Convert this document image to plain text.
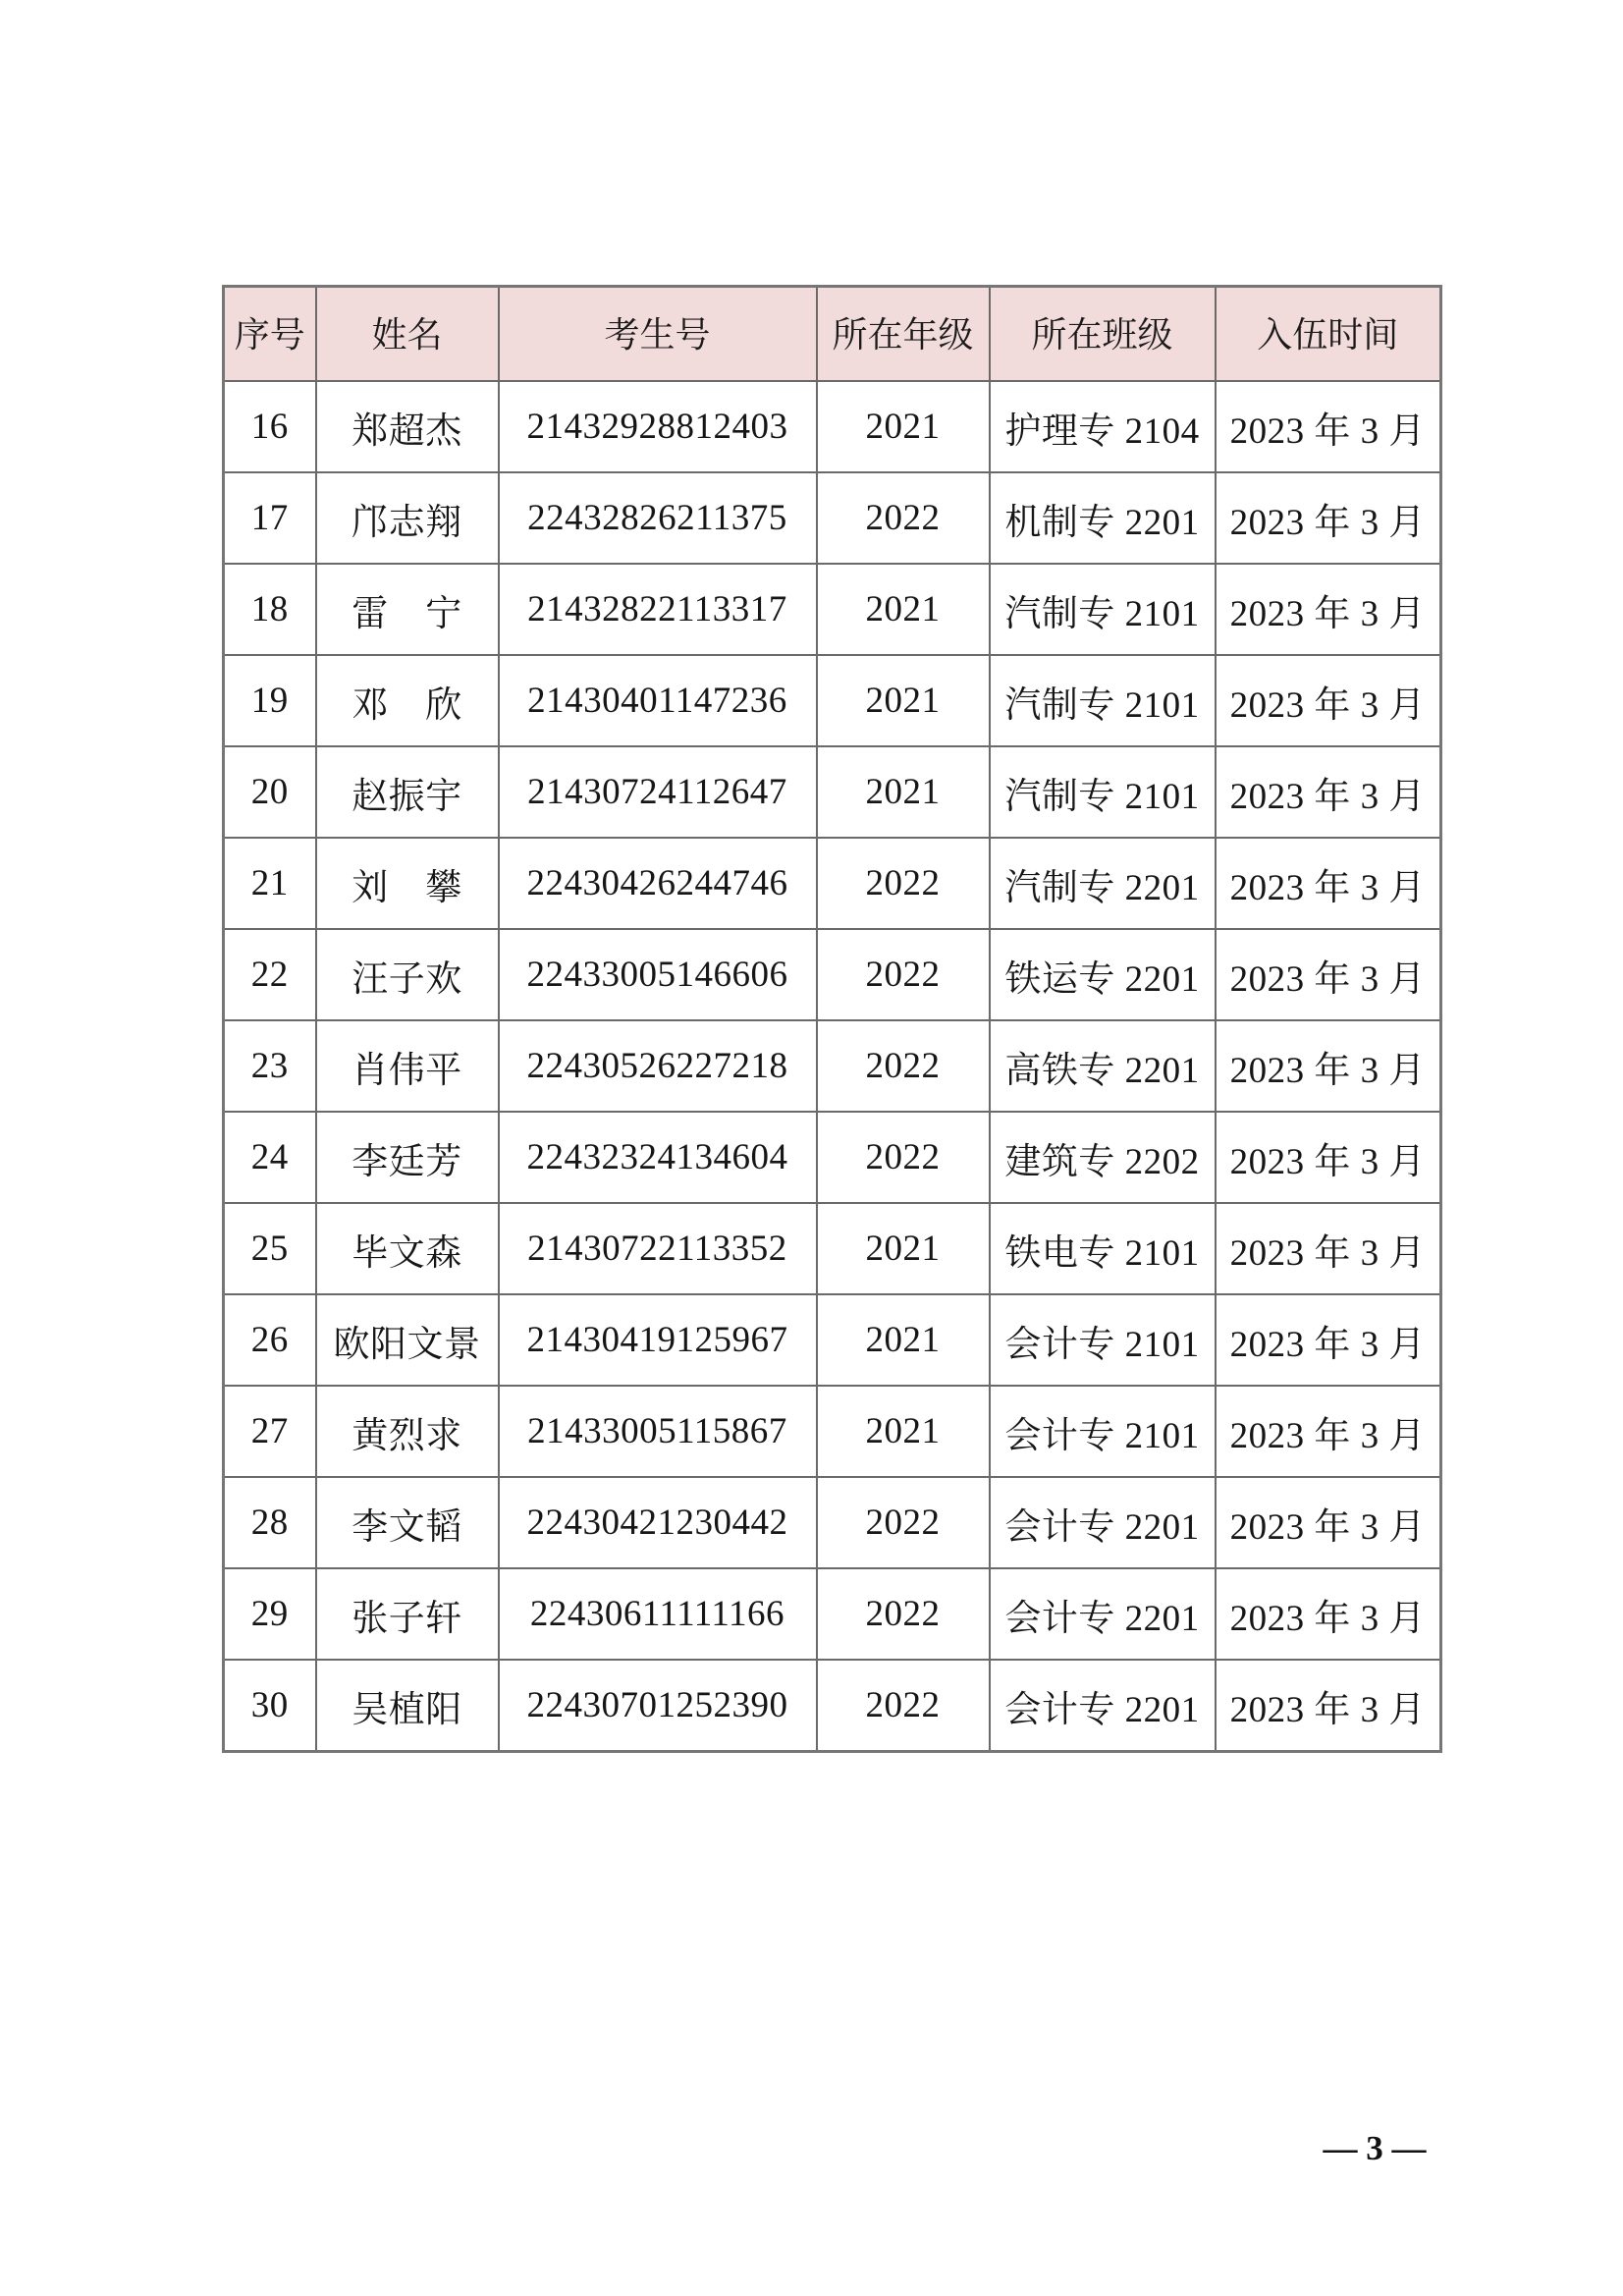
序号	姓名	考生号	所在年级	所在班级	入伍时间
16	郑超杰	21432928812403	2021	护理专 2104	2023 年 3 月
17	邝志翔	22432826211375	2022	机制专 2201	2023 年 3 月
18	雷　宁	21432822113317	2021	汽制专 2101	2023 年 3 月
19	邓　欣	21430401147236	2021	汽制专 2101	2023 年 3 月
20	赵振宇	21430724112647	2021	汽制专 2101	2023 年 3 月
21	刘　攀	22430426244746	2022	汽制专 2201	2023 年 3 月
22	汪子欢	22433005146606	2022	铁运专 2201	2023 年 3 月
23	肖伟平	22430526227218	2022	高铁专 2201	2023 年 3 月
24	李廷芳	22432324134604	2022	建筑专 2202	2023 年 3 月
25	毕文森	21430722113352	2021	铁电专 2101	2023 年 3 月
26	欧阳文景	21430419125967	2021	会计专 2101	2023 年 3 月
27	黄烈求	21433005115867	2021	会计专 2101	2023 年 3 月
28	李文韬	22430421230442	2022	会计专 2201	2023 年 3 月
29	张子轩	22430611111166	2022	会计专 2201	2023 年 3 月
30	吴植阳	22430701252390	2022	会计专 2201	2023 年 3 月
— 3 —
